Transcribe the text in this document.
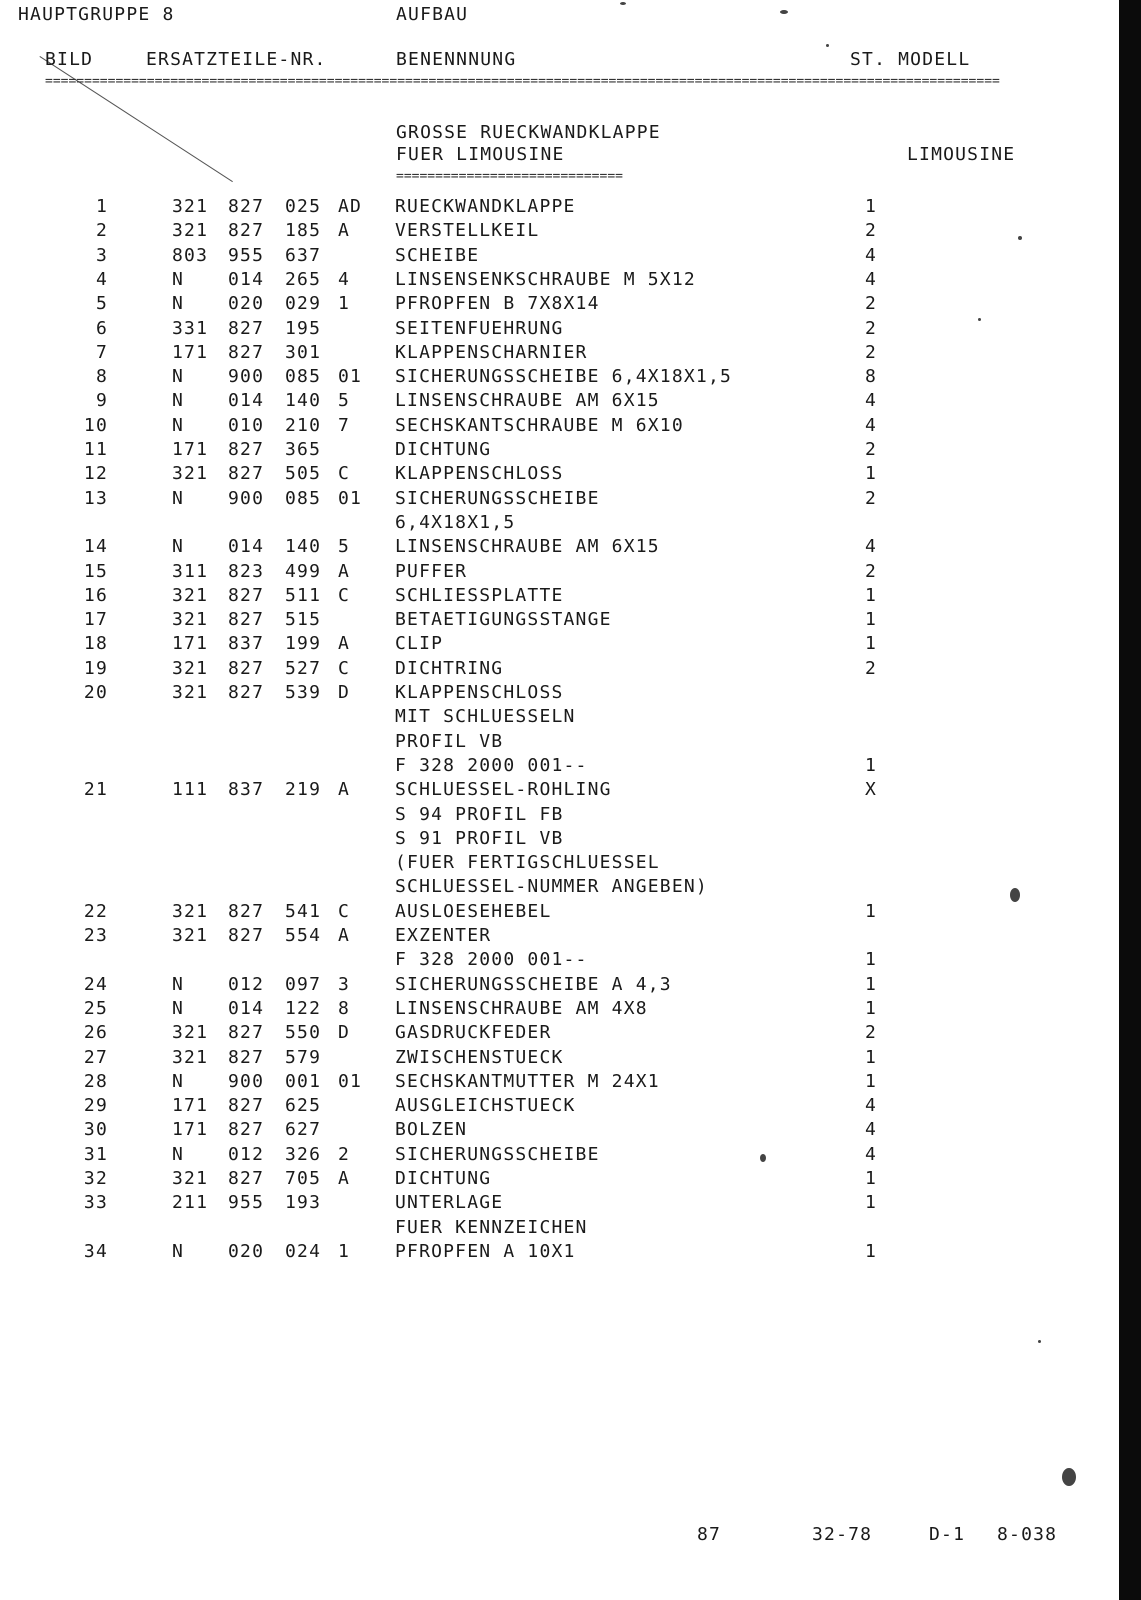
HAUPTGRUPPE 8	AUFBAU
BILD	ERSATZTEILE-NR.	BENENNNUNG	ST. MODELL
==========================================================================================================================
GROSSE RUECKWANDKLAPPE
FUER LIMOUSINE	LIMOUSINE
=============================
1	321 827 025 AD RUECKWANDKLAPPE	1
2	321 827 185 A VERSTELLKEIL	2
3	803 955 637	SCHEIBE	4
4	N 014 265 4 LINSENSENKSCHRAUBE M 5X12	4
5	N 020 029 1 PFROPFEN B 7X8X14	2
6	331 827 195	SEITENFUEHRUNG	2
7	171 827 301	KLAPPENSCHARNIER	2
8	N 900 085 01 SICHERUNGSSCHEIBE 6,4X18X1,5	8
9	N 014 140 5 LINSENSCHRAUBE AM 6X15	4
10	N 010 210 7 SECHSKANTSCHRAUBE M 6X10	4
11	171 827 365	DICHTUNG	2
12	321 827 505 C KLAPPENSCHLOSS	1
13	N 900 085 01 SICHERUNGSSCHEIBE	2
6,4X18X1,5
14	N 014 140 5 LINSENSCHRAUBE AM 6X15	4
15	311 823 499 A PUFFER	2
16	321 827 511 C SCHLIESSPLATTE	1
17	321 827 515	BETAETIGUNGSSTANGE	1
18	171 837 199 A CLIP	1
19	321 827 527 C DICHTRING	2
20	321 827 539 D KLAPPENSCHLOSS
MIT SCHLUESSELN
PROFIL VB
F 328 2000 001--	1
21	111 837 219 A SCHLUESSEL-ROHLING	X
S 94 PROFIL FB
S 91 PROFIL VB
(FUER FERTIGSCHLUESSEL
SCHLUESSEL-NUMMER ANGEBEN)
22	321 827 541 C AUSLOESEHEBEL	1
23	321 827 554 A EXZENTER
F 328 2000 001--	1
24	N 012 097 3 SICHERUNGSSCHEIBE A 4,3	1
25	N 014 122 8 LINSENSCHRAUBE AM 4X8	1
26	321 827 550 D GASDRUCKFEDER	2
27	321 827 579	ZWISCHENSTUECK	1
28	N 900 001 01 SECHSKANTMUTTER M 24X1	1
29	171 827 625	AUSGLEICHSTUECK	4
30	171 827 627	BOLZEN	4
31	N 012 326 2 SICHERUNGSSCHEIBE	4
32	321 827 705 A DICHTUNG	1
33	211 955 193	UNTERLAGE	1
FUER KENNZEICHEN
34	N 020 024 1 PFROPFEN A 10X1	1
87	32-78	D-1 8-038
